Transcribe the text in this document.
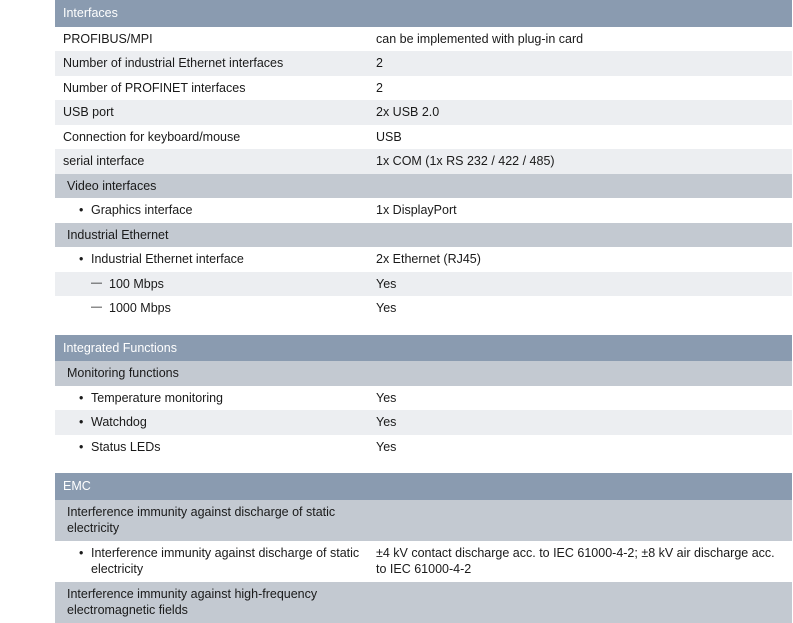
Interfaces	
PROFIBUS/MPI	can be implemented with plug-in card
Number of industrial Ethernet interfaces	2
Number of PROFINET interfaces	2
USB port	2x USB 2.0
Connection for keyboard/mouse	USB
serial interface	1x COM (1x RS 232 / 422 / 485)
Video interfaces	

• Graphics interface	1x DisplayPort
Industrial Ethernet	

• Industrial Ethernet interface	2x Ethernet (RJ45)

— 100 Mbps	Yes

— 1000 Mbps	Yes
Integrated Functions	
Monitoring functions	

• Temperature monitoring	Yes

• Watchdog	Yes

• Status LEDs	Yes
EMC	
Interference immunity against discharge of static electricity	

• Interference immunity against discharge of static electricity	±4 kV contact discharge acc. to IEC 61000-4-2; ±8 kV air discharge acc. to IEC 61000-4-2
Interference immunity against high-frequency electromagnetic fields	
